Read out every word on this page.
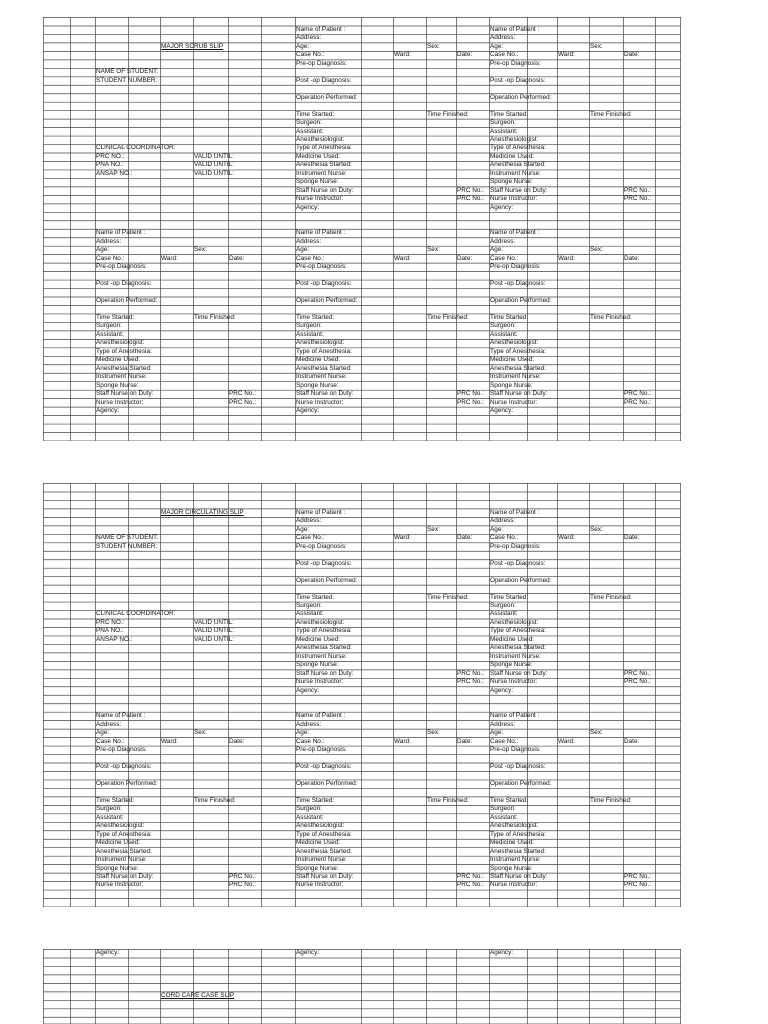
MAJOR SCRUB SLIP
NAME OF STUDENT:
STUDENT NUMBER:
CLINICAL COORDINATOR:
PRC NO.:	VALID UNTIL:
PNA NO.:	VALID UNTIL:
ANSAP NO.:	VALID UNTIL:
Name of Patient :
Address:
Age:	Sex:
Case No.:	Ward:	Date:
Pre-op Diagnosis:
Post -op Diagnosis:
Operation Performed:
Time Started:	Time Finished:
Surgeon:
Assistant:
Anesthesiologist:
Type of Anesthesia:
Medicine Used:
Anesthesia Started:
Instrument Nurse:
Sponge Nurse:
Staff Nurse on Duty:	PRC No.:
Nurse Instructor:	PRC No.:
Agency:
Name of Patient :
Address:
Age:	Sex:
Case No.:	Ward:	Date:
Pre-op Diagnosis:
Post -op Diagnosis:
Operation Performed:
Time Started:	Time Finished:
Surgeon:
Assistant:
Anesthesiologist:
Type of Anesthesia:
Medicine Used:
Anesthesia Started:
Instrument Nurse:
Sponge Nurse:
Staff Nurse on Duty:	PRC No.:
Nurse Instructor:	PRC No.:
Agency:
Name of Patient :
Address:
Age:	Sex:
Case No.:	Ward:	Date:
Pre-op Diagnosis:
Post -op Diagnosis:
Operation Performed:
Time Started:	Time Finished:
Surgeon:
Assistant:
Anesthesiologist:
Type of Anesthesia:
Medicine Used:
Anesthesia Started:
Instrument Nurse:
Sponge Nurse:
Staff Nurse on Duty:	PRC No.:
Nurse Instructor:	PRC No.:
Agency:
Name of Patient :
Address:
Age:	Sex:
Case No.:	Ward:	Date:
Pre-op Diagnosis:
Post -op Diagnosis:
Operation Performed:
Time Started:	Time Finished:
Surgeon:
Assistant:
Anesthesiologist:
Type of Anesthesia:
Medicine Used:
Anesthesia Started:
Instrument Nurse:
Sponge Nurse:
Staff Nurse on Duty:	PRC No.:
Nurse Instructor:	PRC No.:
Agency:
Name of Patient :
Address:
Age:	Sex:
Case No.:	Ward:	Date:
Pre-op Diagnosis:
Post -op Diagnosis:
Operation Performed:
Time Started:	Time Finished:
Surgeon:
Assistant:
Anesthesiologist:
Type of Anesthesia:
Medicine Used:
Anesthesia Started:
Instrument Nurse:
Sponge Nurse:
Staff Nurse on Duty:	PRC No.:
Nurse Instructor:	PRC No.:
Agency:
MAJOR CIRCULATING SLIP
NAME OF STUDENT:
STUDENT NUMBER:
CLINICAL COORDINATOR:
PRC NO.:	VALID UNTIL:
PNA NO.:	VALID UNTIL:
ANSAP NO.:	VALID UNTIL:
Name of Patient :
Address:
Age:	Sex:
Case No.:	Ward:	Date:
Pre-op Diagnosis:
Post -op Diagnosis:
Operation Performed:
Time Started:	Time Finished:
Surgeon:
Assistant:
Anesthesiologist:
Type of Anesthesia:
Medicine Used:
Anesthesia Started:
Instrument Nurse:
Sponge Nurse:
Staff Nurse on Duty:	PRC No.:
Nurse Instructor:	PRC No.:
Agency:
Name of Patient :
Address:
Age:	Sex:
Case No.:	Ward:	Date:
Pre-op Diagnosis:
Post -op Diagnosis:
Operation Performed:
Time Started:	Time Finished:
Surgeon:
Assistant:
Anesthesiologist:
Type of Anesthesia:
Medicine Used:
Anesthesia Started:
Instrument Nurse:
Sponge Nurse:
Staff Nurse on Duty:	PRC No.:
Nurse Instructor:	PRC No.:
Agency:
Name of Patient :
Address:
Age:	Sex:
Case No.:	Ward:	Date:
Pre-op Diagnosis:
Post -op Diagnosis:
Operation Performed:
Time Started:	Time Finished:
Surgeon:
Assistant:
Anesthesiologist:
Type of Anesthesia:
Medicine Used:
Anesthesia Started:
Instrument Nurse:
Sponge Nurse:
Staff Nurse on Duty:	PRC No.:
Nurse Instructor:	PRC No.:
Name of Patient :
Address:
Age:	Sex:
Case No.:	Ward:	Date:
Pre-op Diagnosis:
Post -op Diagnosis:
Operation Performed:
Time Started:	Time Finished:
Surgeon:
Assistant:
Anesthesiologist:
Type of Anesthesia:
Medicine Used:
Anesthesia Started:
Instrument Nurse:
Sponge Nurse:
Staff Nurse on Duty:	PRC No.:
Nurse Instructor:	PRC No.:
Name of Patient :
Address:
Age:	Sex:
Case No.:	Ward:	Date:
Pre-op Diagnosis:
Post -op Diagnosis:
Operation Performed:
Time Started:	Time Finished:
Surgeon:
Assistant:
Anesthesiologist:
Type of Anesthesia:
Medicine Used:
Anesthesia Started:
Instrument Nurse:
Sponge Nurse:
Staff Nurse on Duty:	PRC No.:
Nurse Instructor:	PRC No.:
Agency:	Agency:	Agency:
CORD CARE CASE SLIP
